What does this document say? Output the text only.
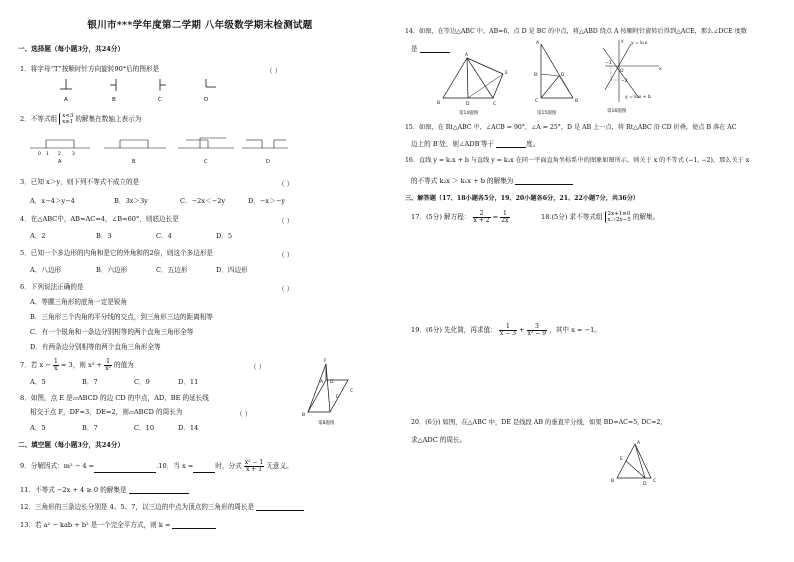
银川市***学年度第二学期 八年级数学期末检测试题
一、选择题（每小题3分，共24分）
1．将字母“T”按顺时针方向旋转90°后的图形是	（ ）
A	B	C	D
2．不等式组 x<3
x≥1 的解集在数轴上表示为
0 1 2 3
A	B	C	D
3．已知 x＞y，则下列不等式不成立的是	（ ）
A．x−4＞y−4	B．3x＞3y	C．−2x＜−2y	D．−x＞−y
4．在△ABC中，AB=AC=4，∠B=60°，则底边长是	（ ）
A．2	B．3	C．4	D．5
5．已知一个多边形的内角和是它的外角和的2倍，则这个多边形是	（ ）
A．八边形	B．六边形	C．五边形	D．四边形
6．下列说法正确的是	（ ）
A．等腰三角形的底角一定是锐角
B．三角形三个内角的平分线的交点，到三角形三边的距离相等
C．有一个锐角和一条边分别相等的两个直角三角形全等
D．有两条边分别相等的两个直角三角形全等
7．若 $x - \frac{1}{x} = 3$，则 $x^2 + \frac{1}{\text{x²}}$ 的值为	（ ）
A．5	B．7	C．9	D．11
8．如图，点 E 是▱ABCD 的边 CD 的中点，AD、BE 的延长线
相交于点 F，DF=3，DE=2，则▱ABCD 的周长为	（ ）
A．5	B．7	C．10	D．14
F
A D
E
B
C
第8题图
二、填空题（每小题3分，共24分）
9．分解因式：m² − 4 =	.10．当 x =	时，分式 $\frac{\text{x² − 1}}{x + 1}$ 无意义。
11．不等式 −2x + 4 ≥ 0 的解集是
12．三角形的三条边长分别是 4、5、7，以三边的中点为顶点的三角形的周长是
13．若 a² − kab + b² 是一个完全平方式，则 k =
14．如图，在等边△ABC 中，AB=6，点 D 是 BC 的中点，将△ABD 绕点 A 按顺时针旋转后得到△ACE，那么∠DCE 度数
是
A
E
B	D	C
第14题图
A
D
B
C
B′
第15题图
y = k₁x
y
−1
O	x
−2
y = k₂x + b
第16题图
15．如图，在 Rt△ABC 中，∠ACB = 90°，∠A = 25°，D 是 AB 上一点，将 Rt△ABC 沿 CD 折叠，使点 B 落在 AC
边上的 B′处，则∠ADB′等于	度。
16．直线 y = k₁x + b 与直线 y = k₂x 在同一平面直角坐标系中的图象如图所示，则关于 x 的不等式 (−1, −2)，那么关于 x
的不等式 k₂x ＞ k₁x + b 的解集为
三、解答题（17、18小题各5分，19、20小题各6分，21、22小题7分，共36分）
17．(5分) 解方程： $\frac{2}{x + 2} = \frac{1}{2x}$	18.(5分) 求不等式组 2x+1≥0
x＞2x−5 的解集。
19．(6分) 先化简，再求值： $\frac{1}{x - 3} + \frac{3}{\text{x² − 9}}$ ，其中 x = −1。
20．(6分) 如图，在△ABC 中，DE 是线段 AB 的垂直平分线，如果 BD=AC=5, DC=2,
求△ADC 的周长。	A
E
B
D
C
